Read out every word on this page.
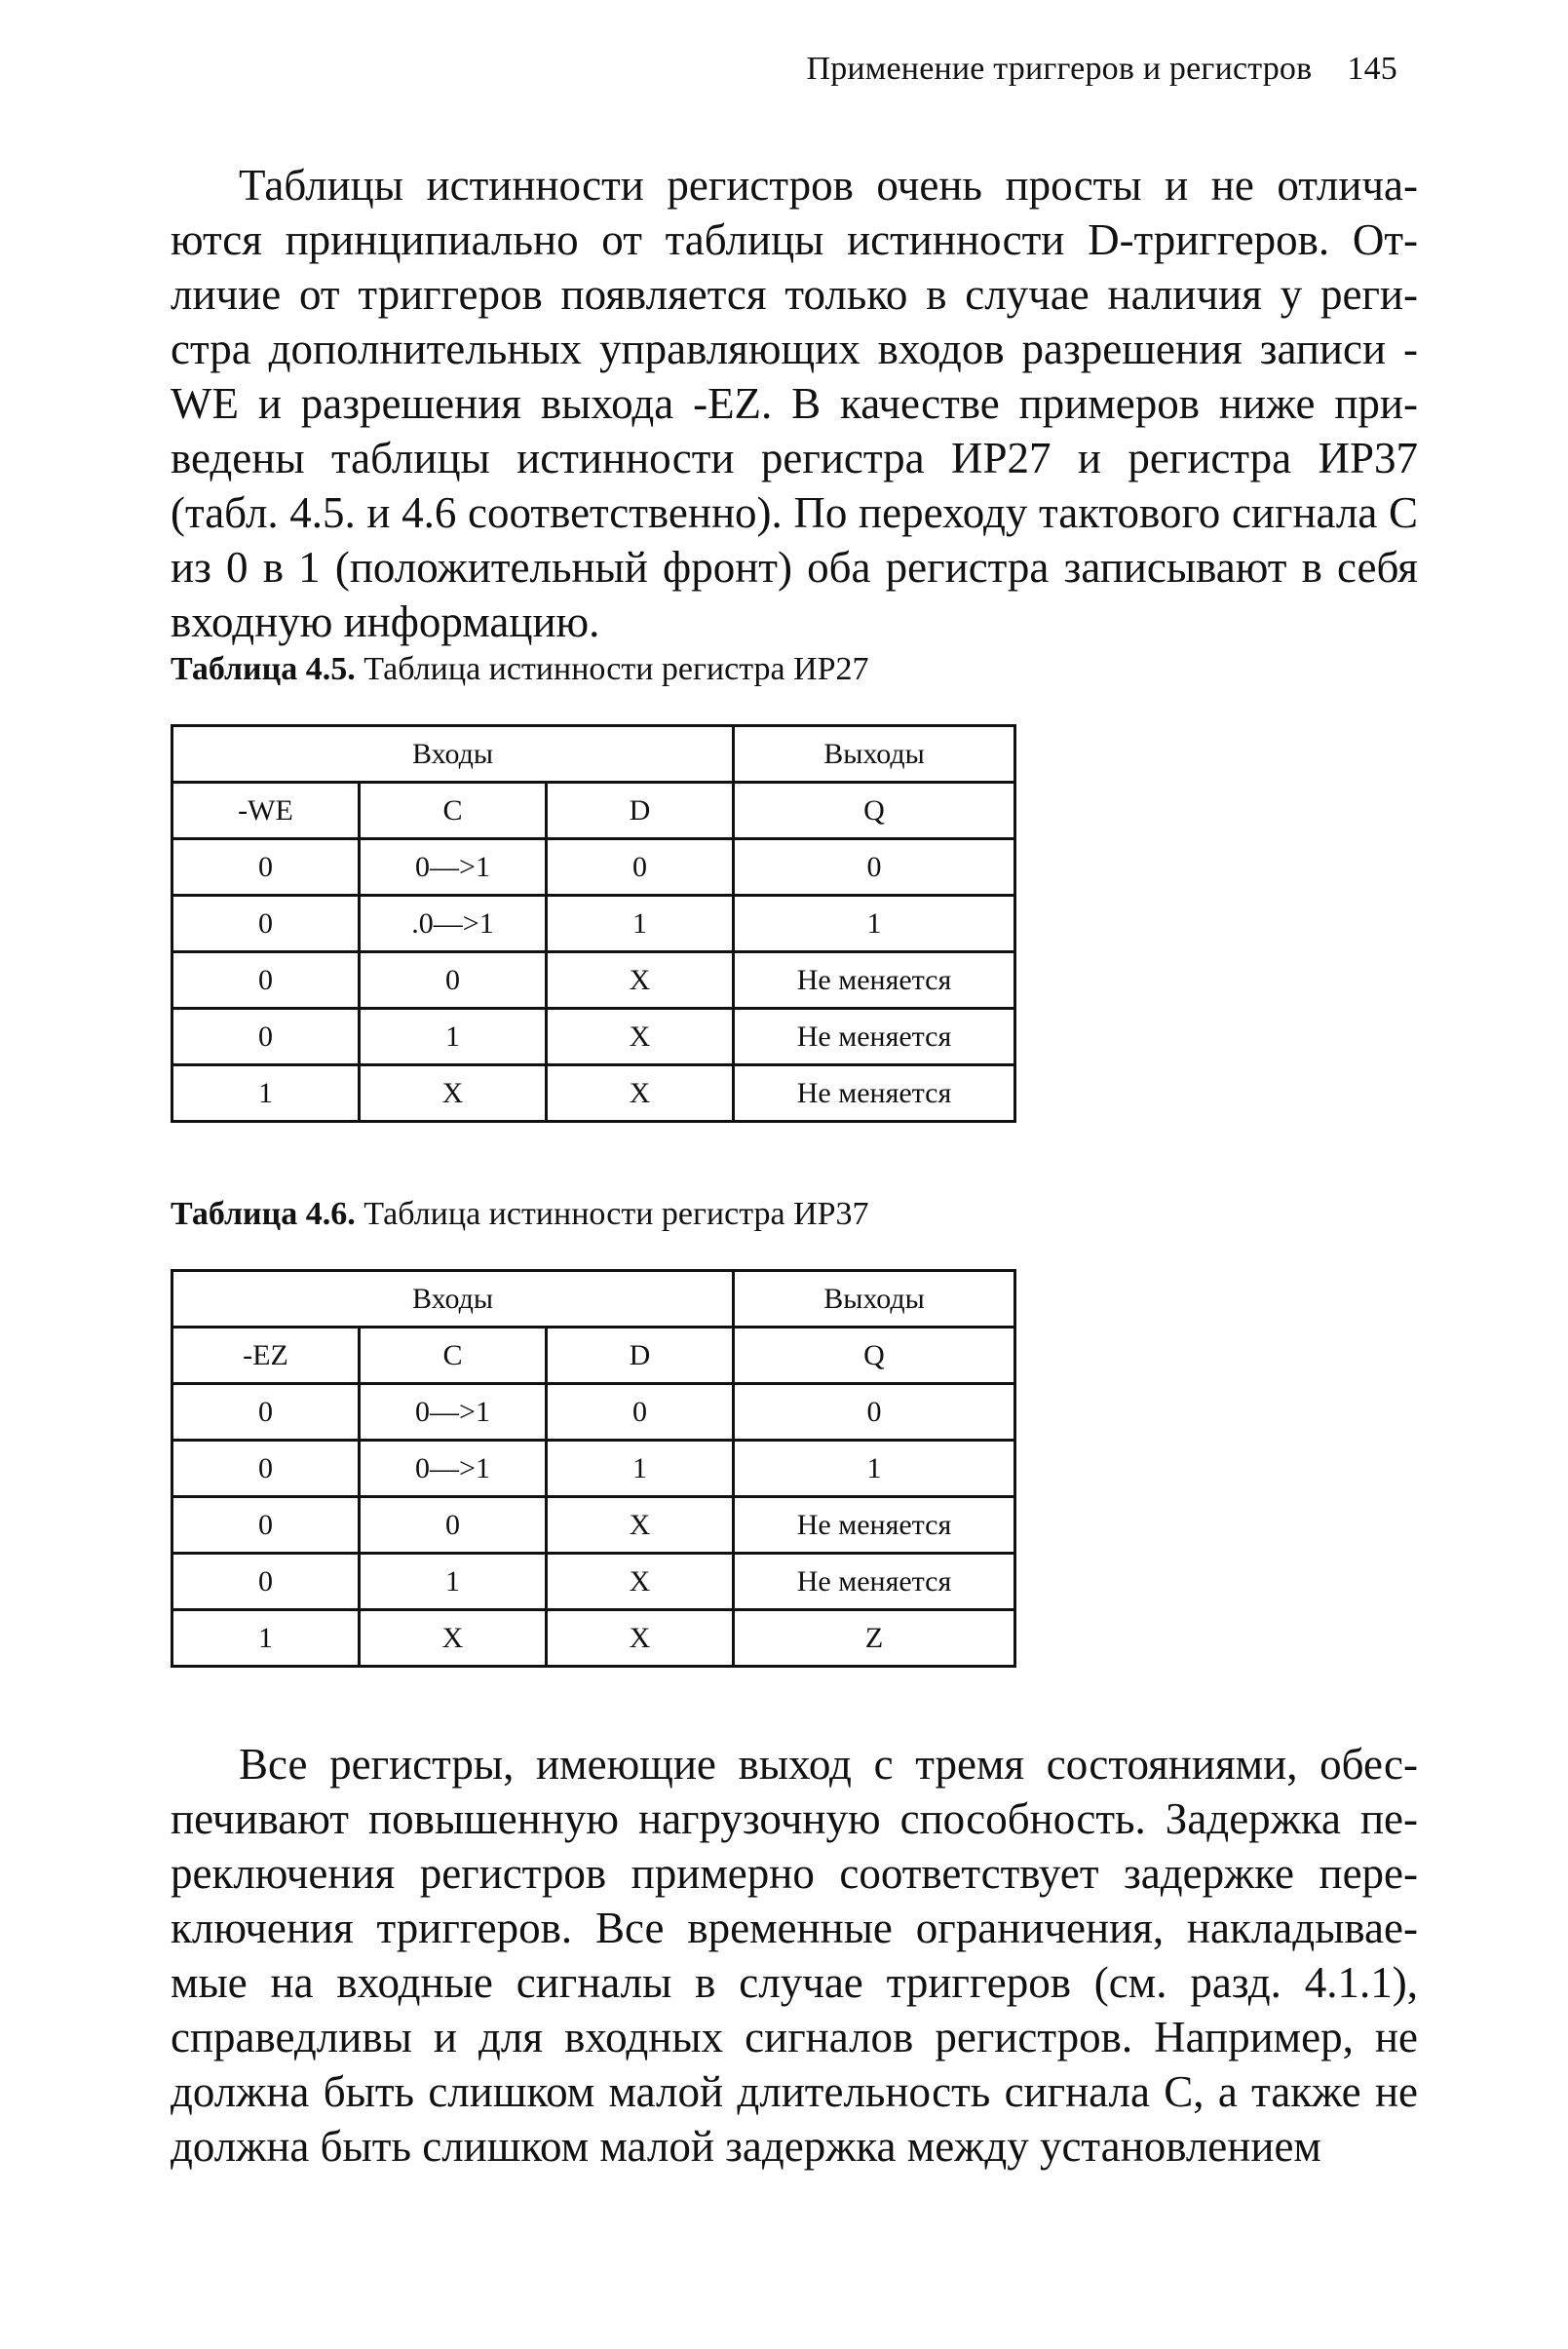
Применение триггеров и регистров 145

Таблицы истинности регистров очень просты и не отлича-ются принципиально от таблицы истинности D-триггеров. От-личие от триггеров появляется только в случае наличия у реги-стра дополнительных управляющих входов разрешения записи -WE и разрешения выхода -EZ. В качестве примеров ниже при-ведены таблицы истинности регистра ИР27 и регистра ИР37 (табл. 4.5. и 4.6 соответственно). По переходу тактового сигнала С из 0 в 1 (положительный фронт) оба регистра записывают в себя входную информацию.

Таблица 4.5. Таблица истинности регистра ИР27

Входы			Выходы
-WE	C	D	Q
0	0—>1	0	0
0	.0—>1	1	1
0	0	X	Не меняется
0	1	X	Не меняется
1	X	X	Не меняется

Таблица 4.6. Таблица истинности регистра ИР37

Входы			Выходы
-EZ	C	D	Q
0	0—>1	0	0
0	0—>1	1	1
0	0	X	Не меняется
0	1	X	Не меняется
1	X	X	Z

Все регистры, имеющие выход с тремя состояниями, обес-печивают повышенную нагрузочную способность. Задержка пе-реключения регистров примерно соответствует задержке пере-ключения триггеров. Все временные ограничения, накладывае-мые на входные сигналы в случае триггеров (см. разд. 4.1.1), справедливы и для входных сигналов регистров. Например, не должна быть слишком малой длительность сигнала С, а также не должна быть слишком малой задержка между установлением
